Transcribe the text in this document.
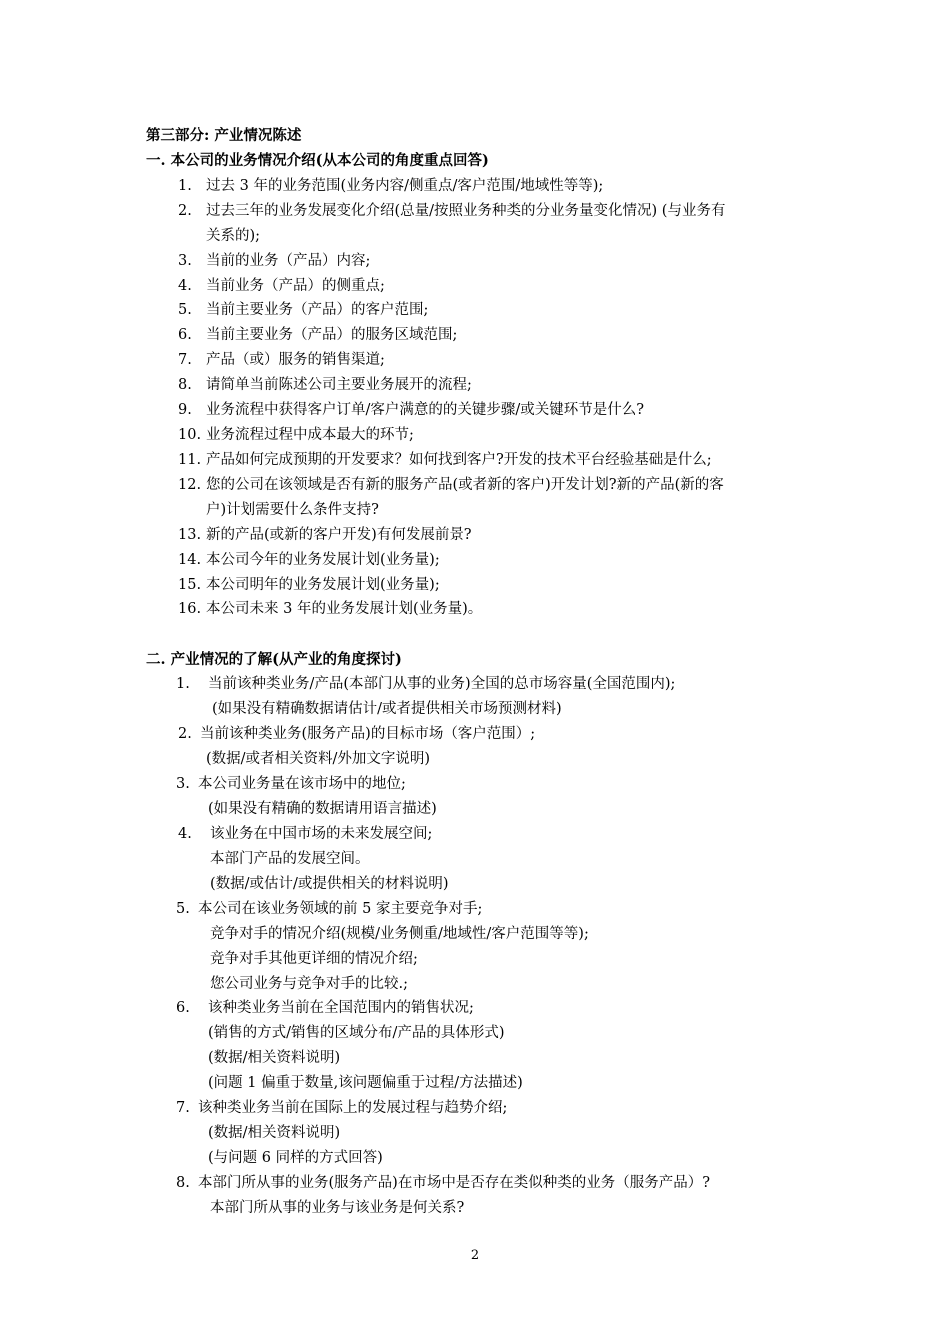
第三部分: 产业情况陈述
一. 本公司的业务情况介绍(从本公司的角度重点回答)
1. 过去 3 年的业务范围(业务内容/侧重点/客户范围/地域性等等);
2. 过去三年的业务发展变化介绍(总量/按照业务种类的分业务量变化情况) (与业务有
关系的);
3. 当前的业务（产品）内容;
4. 当前业务（产品）的侧重点;
5. 当前主要业务（产品）的客户范围;
6. 当前主要业务（产品）的服务区域范围;
7. 产品（或）服务的销售渠道;
8. 请简单当前陈述公司主要业务展开的流程;
9. 业务流程中获得客户订单/客户满意的的关键步骤/或关键环节是什么?
10. 业务流程过程中成本最大的环节;
11. 产品如何完成预期的开发要求？如何找到客户?开发的技术平台经验基础是什么;
12. 您的公司在该领域是否有新的服务产品(或者新的客户)开发计划?新的产品(新的客
户)计划需要什么条件支持?
13. 新的产品(或新的客户开发)有何发展前景?
14. 本公司今年的业务发展计划(业务量);
15. 本公司明年的业务发展计划(业务量);
16. 本公司未来 3 年的业务发展计划(业务量)。
二. 产业情况的了解(从产业的角度探讨)
1. 当前该种类业务/产品(本部门从事的业务)全国的总市场容量(全国范围内);
(如果没有精确数据请估计/或者提供相关市场预测材料)
2. 当前该种类业务(服务产品)的目标市场（客户范围）;
(数据/或者相关资料/外加文字说明)
3. 本公司业务量在该市场中的地位;
(如果没有精确的数据请用语言描述)
4. 该业务在中国市场的未来发展空间;
本部门产品的发展空间。
(数据/或估计/或提供相关的材料说明)
5. 本公司在该业务领域的前 5 家主要竞争对手;
竞争对手的情况介绍(规模/业务侧重/地域性/客户范围等等);
竞争对手其他更详细的情况介绍;
您公司业务与竞争对手的比较.;
6. 该种类业务当前在全国范围内的销售状况;
(销售的方式/销售的区域分布/产品的具体形式)
(数据/相关资料说明)
(问题 1 偏重于数量,该问题偏重于过程/方法描述)
7. 该种类业务当前在国际上的发展过程与趋势介绍;
(数据/相关资料说明)
(与问题 6 同样的方式回答)
8. 本部门所从事的业务(服务产品)在市场中是否存在类似种类的业务（服务产品）?
本部门所从事的业务与该业务是何关系?
2
